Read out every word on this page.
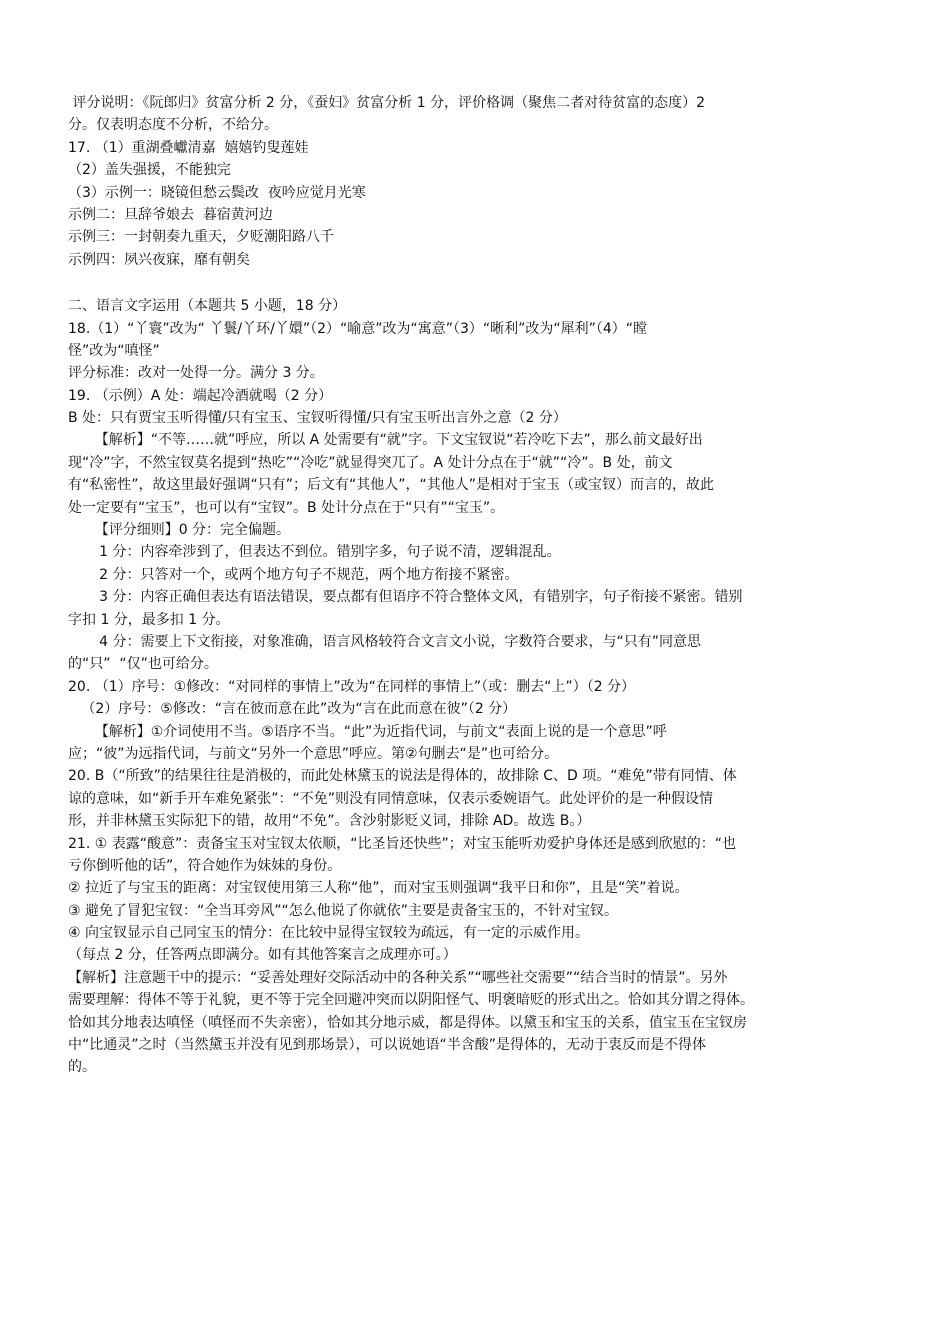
评分说明：《阮郎归》贫富分析 2 分，《蚕妇》贫富分析 1 分，评价格调（聚焦二者对待贫富的态度）2
分。仅表明态度不分析，不给分。
17. （1）重湖叠巘清嘉  嬉嬉钓叟莲娃
（2）盖失强援，不能独完
（3）示例一：晓镜但愁云鬓改  夜吟应觉月光寒
示例二：旦辞爷娘去  暮宿黄河边
示例三：一封朝奏九重天，夕贬潮阳路八千
示例四：夙兴夜寐，靡有朝矣
二、语言文字运用（本题共 5 小题，18 分）
18.（1）“丫寰”改为“ 丫鬟/丫环/丫嬛”（2）“喻意”改为“寓意”（3）“晰利”改为“犀利”（4）“瞠
怪”改为“嗔怪”
评分标准：改对一处得一分。满分 3 分。
19. （示例）A 处：端起冷酒就喝（2 分）
B 处：只有贾宝玉听得懂/只有宝玉、宝钗听得懂/只有宝玉听出言外之意（2 分）
【解析】“不等……就”呼应，所以 A 处需要有“就”字。下文宝钗说“若冷吃下去”，那么前文最好出
现“冷”字，不然宝钗莫名提到“热吃”“冷吃”就显得突兀了。A 处计分点在于“就”“冷”。B 处，前文
有“私密性”，故这里最好强调“只有”；后文有“其他人”，“其他人”是相对于宝玉（或宝钗）而言的，故此
处一定要有“宝玉”，也可以有“宝钗”。B 处计分点在于“只有”“宝玉”。
【评分细则】0 分：完全偏题。
1 分：内容牵涉到了，但表达不到位。错别字多，句子说不清，逻辑混乱。
2 分：只答对一个，或两个地方句子不规范，两个地方衔接不紧密。
3 分：内容正确但表达有语法错误，要点都有但语序不符合整体文风，有错别字，句子衔接不紧密。错别
字扣 1 分，最多扣 1 分。
4 分：需要上下文衔接，对象准确，语言风格较符合文言文小说，字数符合要求，与“只有”同意思
的“只”  “仅”也可给分。
20. （1）序号：①修改：“对同样的事情上”改为“在同样的事情上”（或：删去“上”）（2 分）
（2）序号：⑤修改：“言在彼而意在此”改为“言在此而意在彼”（2 分）
【解析】①介词使用不当。⑤语序不当。“此”为近指代词，与前文“表面上说的是一个意思”呼
应；“彼”为远指代词，与前文“另外一个意思”呼应。第②句删去“是”也可给分。
20. B（“所致”的结果往往是消极的，而此处林黛玉的说法是得体的，故排除 C、D 项。“难免”带有同情、体
谅的意味，如“新手开车难免紧张”：“不免”则没有同情意味，仅表示委婉语气。此处评价的是一种假设情
形，并非林黛玉实际犯下的错，故用“不免”。含沙射影贬义词，排除 AD。故选 B。）
21. ① 表露“酸意”：责备宝玉对宝钗太依顺，“比圣旨还快些”；对宝玉能听劝爱护身体还是感到欣慰的：“也
亏你倒听他的话”，符合她作为妹妹的身份。
② 拉近了与宝玉的距离：对宝钗使用第三人称“他”，而对宝玉则强调“我平日和你”，且是“笑”着说。
③ 避免了冒犯宝钗：“全当耳旁风”“怎么他说了你就依”主要是责备宝玉的，不针对宝钗。
④ 向宝钗显示自己同宝玉的情分：在比较中显得宝钗较为疏远，有一定的示威作用。
（每点 2 分，任答两点即满分。如有其他答案言之成理亦可。）
【解析】注意题干中的提示：“妥善处理好交际活动中的各种关系”“哪些社交需要”“结合当时的情景”。另外
需要理解：得体不等于礼貌，更不等于完全回避冲突而以阴阳怪气、明褒暗贬的形式出之。恰如其分谓之得体。
恰如其分地表达嗔怪（嗔怪而不失亲密），恰如其分地示威，都是得体。以黛玉和宝玉的关系，值宝玉在宝钗房
中“比通灵”之时（当然黛玉并没有见到那场景），可以说她语“半含酸”是得体的，无动于衷反而是不得体
的。
